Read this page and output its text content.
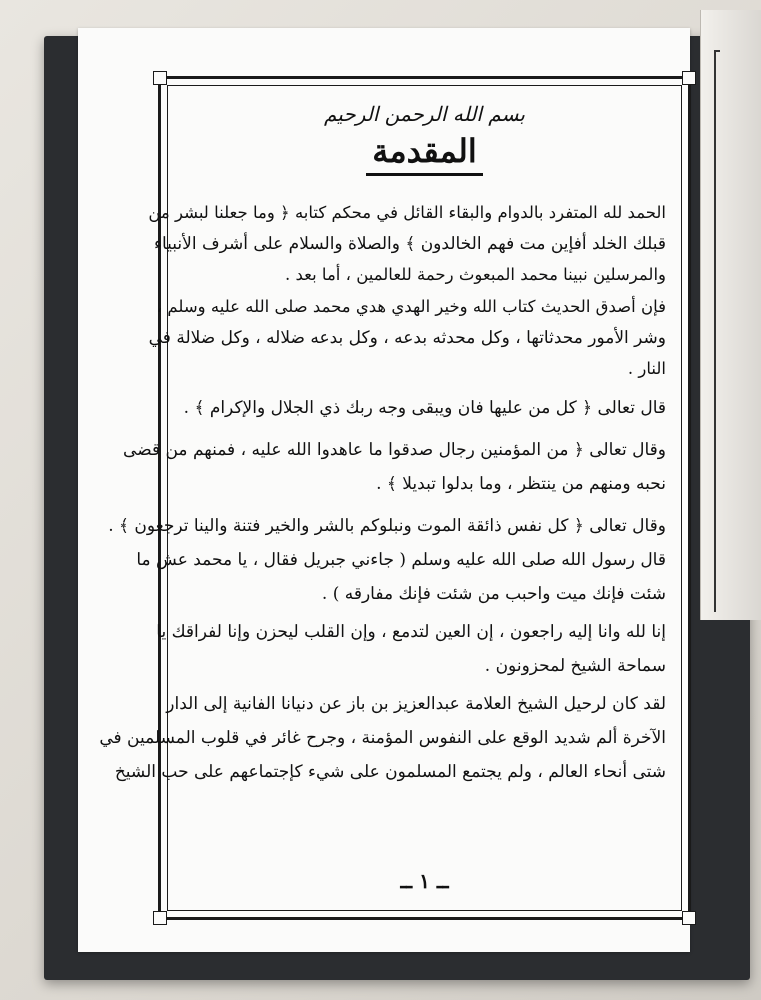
بسم الله الرحمن الرحيم
المقدمة
الحمد لله المتفرد بالدوام والبقاء القائل في محكم كتابه ﴿ وما جعلنا لبشر من
قبلك الخلد أفإين مت فهم الخالدون ﴾ والصلاة والسلام على أشرف الأنبياء
والمرسلين نبينا محمد المبعوث رحمة للعالمين ، أما بعد .
فإن أصدق الحديث كتاب الله وخير الهدي هدي محمد صلى الله عليه وسلم ،
وشر الأمور محدثاتها ، وكل محدثه بدعه ، وكل بدعه ضلاله ، وكل ضلالة في
النار .
قال تعالى ﴿ كل من عليها فان ويبقى وجه ربك ذي الجلال والإكرام ﴾ .
وقال تعالى ﴿ من المؤمنين رجال صدقوا ما عاهدوا الله عليه ، فمنهم من قضى
نحبه ومنهم من ينتظر ، وما بدلوا تبديلا ﴾ .
وقال تعالى ﴿ كل نفس ذائقة الموت ونبلوكم بالشر والخير فتنة والينا ترجعون ﴾ .
قال رسول الله صلى الله عليه وسلم ( جاءني جبريل فقال ، يا محمد عش ما
شئت فإنك ميت واحبب من شئت فإنك مفارقه ) .
إنا لله وانا إليه راجعون ، إن العين لتدمع ، وإن القلب ليحزن وإنا لفراقك يا
سماحة الشيخ لمحزونون .
لقد كان لرحيل الشيخ العلامة عبدالعزيز بن باز عن دنيانا الفانية إلى الدار
الآخرة ألم شديد الوقع على النفوس المؤمنة ، وجرح غائر في قلوب المسلمين في
شتى أنحاء العالم ، ولم يجتمع المسلمون على شيء كإجتماعهم على حب الشيخ
ــ ١ ــ
